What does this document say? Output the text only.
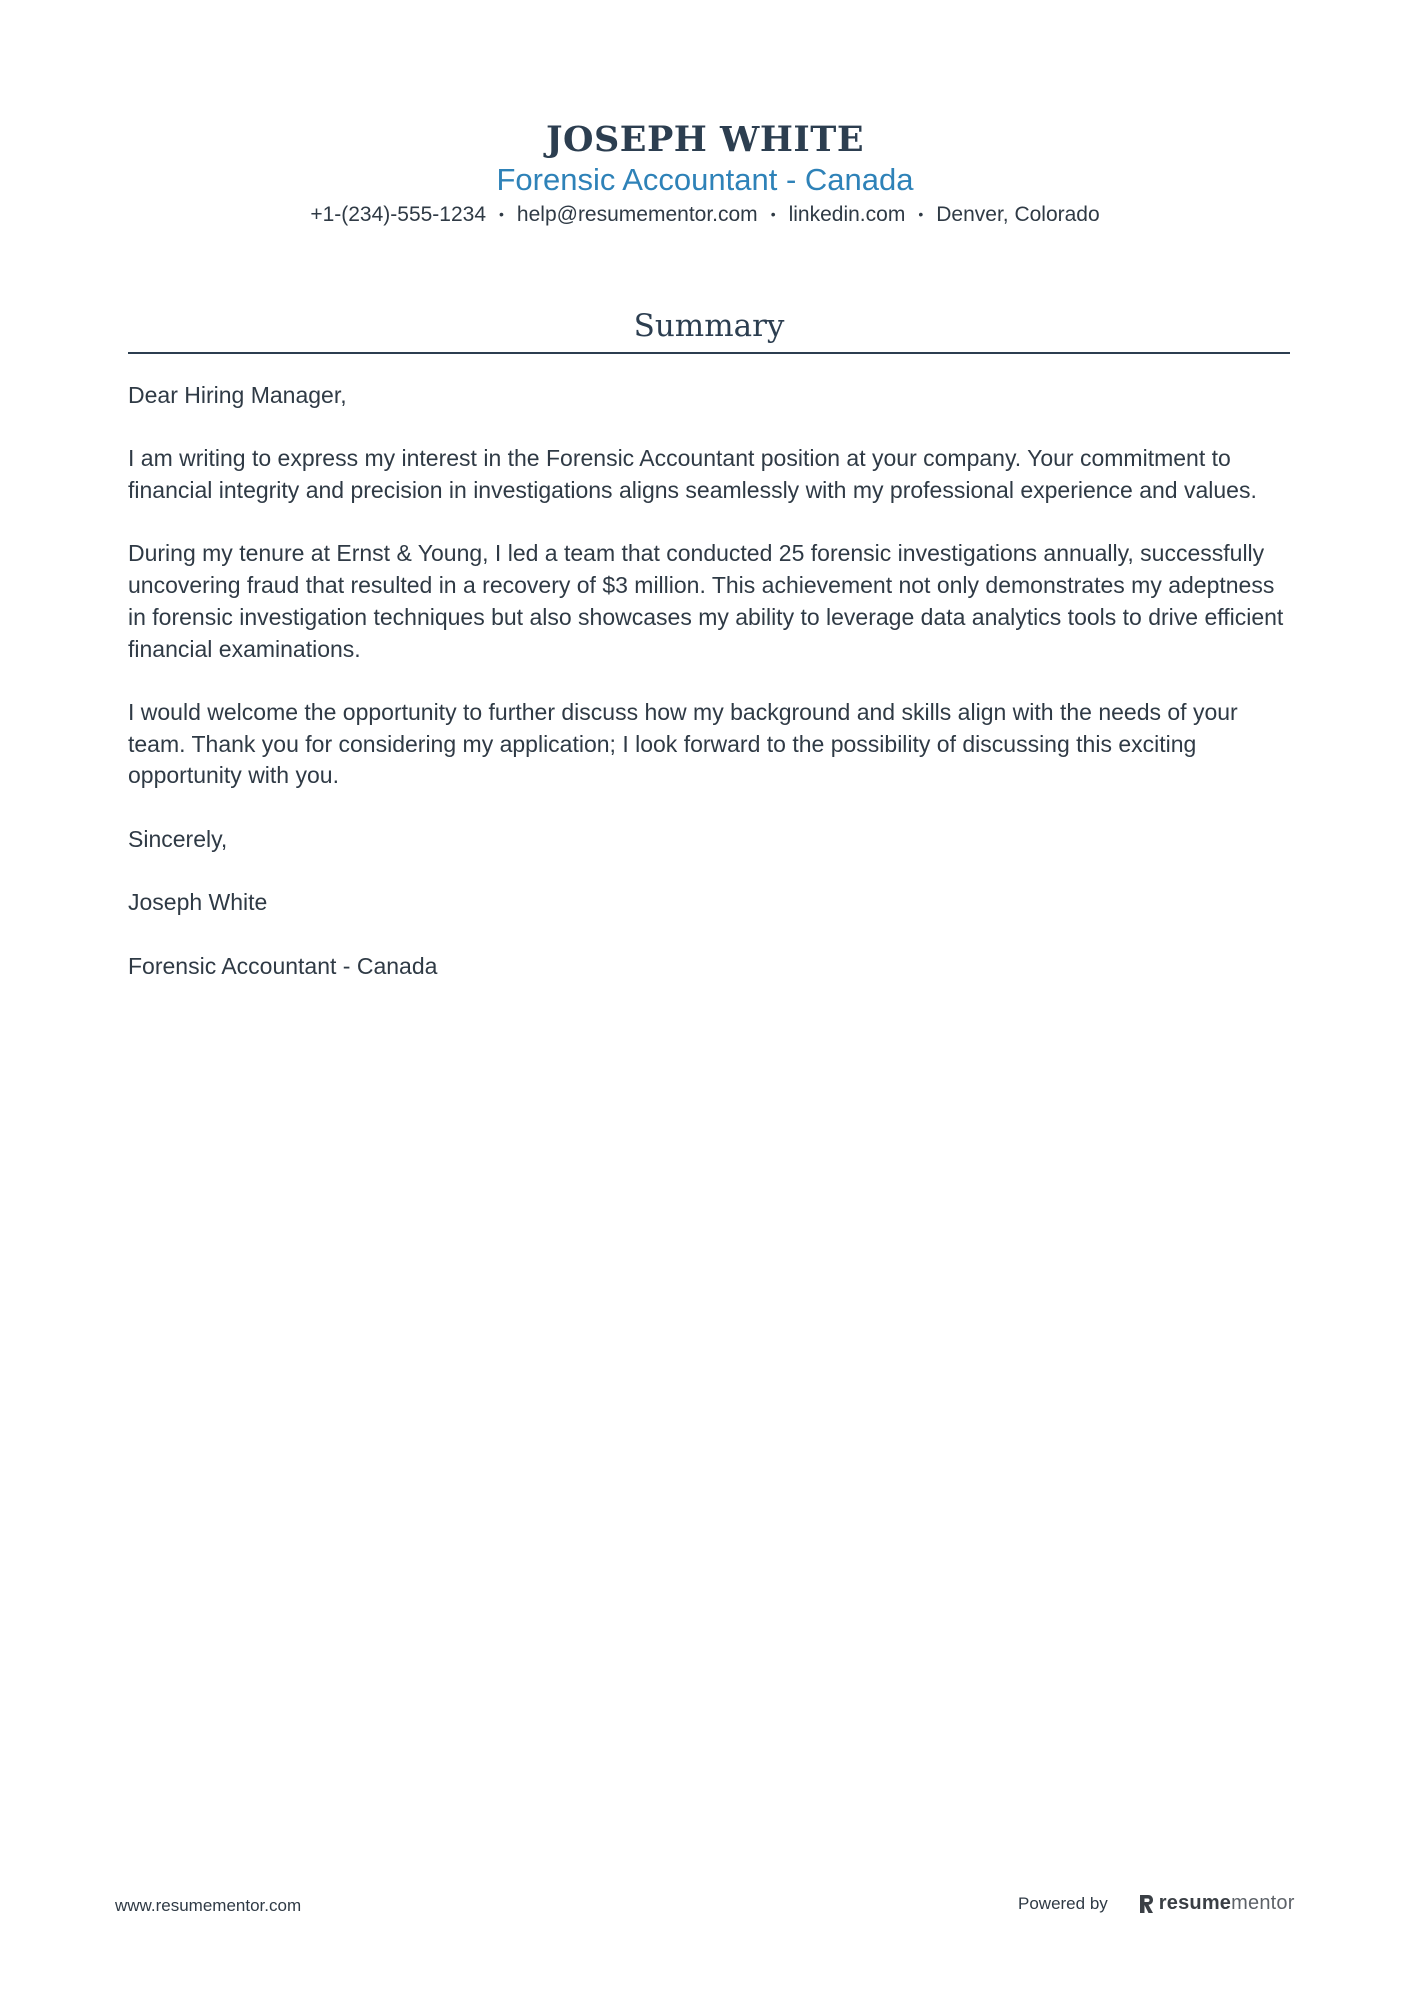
JOSEPH WHITE
Forensic Accountant - Canada
+1-(234)-555-1234 • help@resumementor.com • linkedin.com • Denver, Colorado
Summary

Dear Hiring Manager,

I am writing to express my interest in the Forensic Accountant position at your company. Your commitment to financial integrity and precision in investigations aligns seamlessly with my professional experience and values.

During my tenure at Ernst & Young, I led a team that conducted 25 forensic investigations annually, successfully uncovering fraud that resulted in a recovery of $3 million. This achievement not only demonstrates my adeptness in forensic investigation techniques but also showcases my ability to leverage data analytics tools to drive efficient financial examinations.

I would welcome the opportunity to further discuss how my background and skills align with the needs of your team. Thank you for considering my application; I look forward to the possibility of discussing this exciting opportunity with you.

Sincerely,

Joseph White

Forensic Accountant - Canada

www.resumementor.com	Powered by	resumementor
